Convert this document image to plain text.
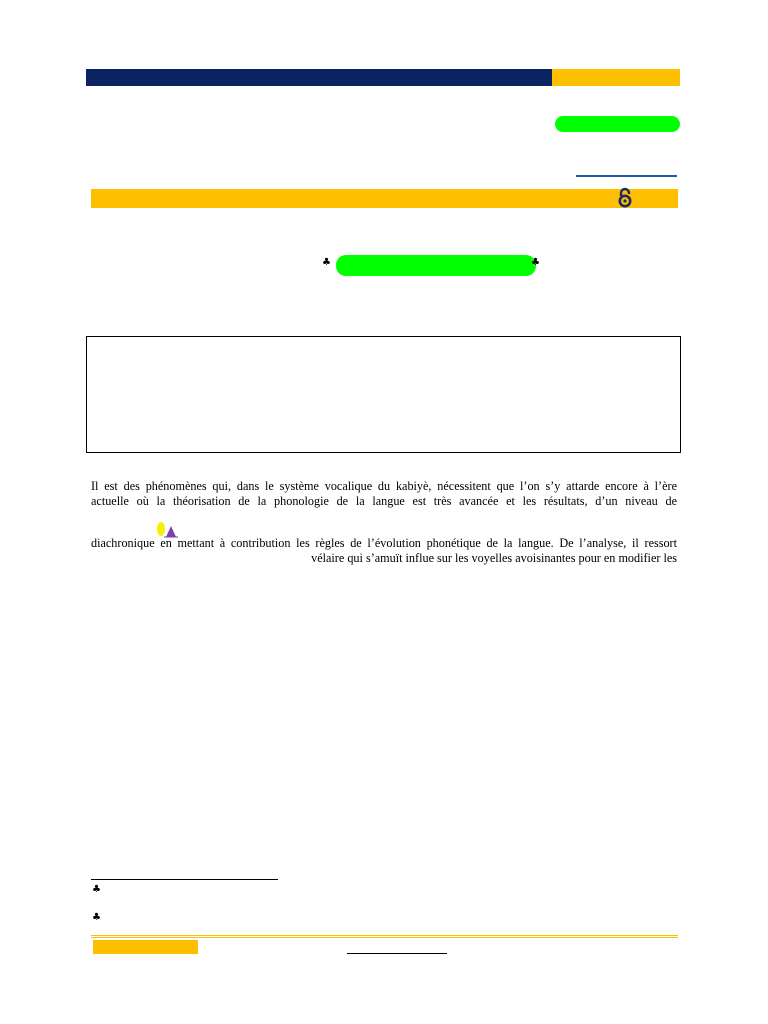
♣	♣
Il est des phénomènes qui, dans le système vocalique du kabiyè, nécessitent que l’on s’y attarde encore à l’ère
actuelle où la théorisation de la phonologie de la langue est très avancée et les résultats, d’un niveau de
diachronique en mettant à contribution les règles de l’évolution phonétique de la langue. De l’analyse, il ressort
vélaire qui s’amuït influe sur les voyelles avoisinantes pour en modifier les
♣
♣
